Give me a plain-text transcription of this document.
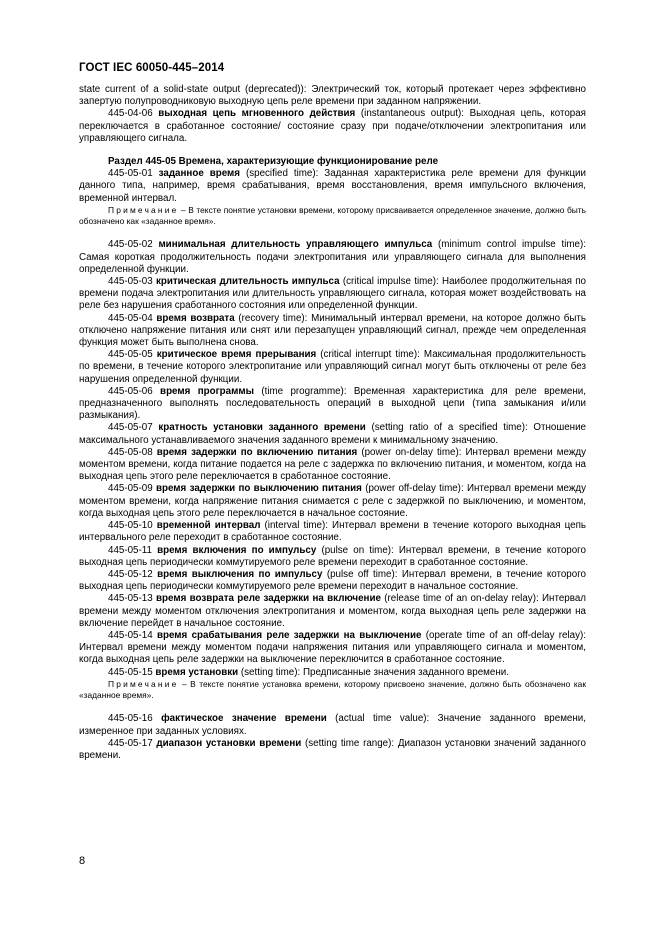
ГОСТ IEC 60050-445–2014

state current of a solid-state output (deprecated)): Электрический ток, который протекает через эффективно запертую полупроводниковую выходную цепь реле времени при заданном напряжении.

445-04-06 выходная цепь мгновенного действия (instantaneous output): Выходная цепь, которая переключается в сработанное состояние/ состояние сразу при подаче/отключении электропитания или управляющего сигнала.

Раздел 445-05 Времена, характеризующие функционирование реле

445-05-01 заданное время (specified time): Заданная характеристика реле времени для функции данного типа, например, время срабатывания, время восстановления, время импульсного включения, временной интервал.

Примечание – В тексте понятие установки времени, которому присваивается определенное значение, должно быть обозначено как «заданное время».

445-05-02 минимальная длительность управляющего импульса (minimum control impulse time): Самая короткая продолжительность подачи электропитания или управляющего сигнала для выполнения определенной функции.

445-05-03 критическая длительность импульса (critical impulse time): Наиболее продолжительная по времени подача электропитания или длительность управляющего сигнала, которая может воздействовать на реле без нарушения сработанного состояния или определенной функции.

445-05-04 время возврата (recovery time): Минимальный интервал времени, на которое должно быть отключено напряжение питания или снят или перезапущен управляющий сигнал, прежде чем определенная функция может быть выполнена снова.

445-05-05 критическое время прерывания (critical interrupt time): Максимальная продолжительность по времени, в течение которого электропитание или управляющий сигнал могут быть отключены от реле без нарушения определенной функции.

445-05-06 время программы (time programme): Временная характеристика для реле времени, предназначенного выполнять последовательность операций в выходной цепи (типа замыкания и/или размыкания).

445-05-07 кратность установки заданного времени (setting ratio of a specified time): Отношение максимального устанавливаемого значения заданного времени к минимальному значению.

445-05-08 время задержки по включению питания (power on-delay time): Интервал времени между моментом времени, когда питание подается на реле с задержка по включению питания, и моментом, когда на выходная цепь этого реле переключается в сработанное состояние.

445-05-09 время задержки по выключению питания (power off-delay time): Интервал времени между моментом времени, когда напряжение питания снимается с реле с задержкой по выключению, и моментом, когда выходная цепь этого реле переключается в начальное состояние.

445-05-10 временной интервал (interval time): Интервал времени в течение которого выходная цепь интервального реле переходит в сработанное состояние.

445-05-11 время включения по импульсу (pulse on time): Интервал времени, в течение которого выходная цепь периодически коммутируемого реле времени переходит в сработанное состояние.

445-05-12 время выключения по импульсу (pulse off time): Интервал времени, в течение которого выходная цепь периодически коммутируемого реле времени переходит в начальное состояние.

445-05-13 время возврата реле задержки на включение (release time of an on-delay relay): Интервал времени между моментом отключения электропитания и моментом, когда выходная цепь реле задержки на включение перейдет в начальное состояние.

445-05-14 время срабатывания реле задержки на выключение (operate time of an off-delay relay): Интервал времени между моментом подачи напряжения питания или управляющего сигнала и моментом, когда выходная цепь реле задержки на выключение переключится в сработанное состояние.

445-05-15 время установки (setting time): Предписанные значения заданного времени.

Примечание – В тексте понятие установка времени, которому присвоено значение, должно быть обозначено как «заданное время».

445-05-16 фактическое значение времени (actual time value): Значение заданного времени, измеренное при заданных условиях.

445-05-17 диапазон установки времени (setting time range): Диапазон установки значений заданного времени.

8
